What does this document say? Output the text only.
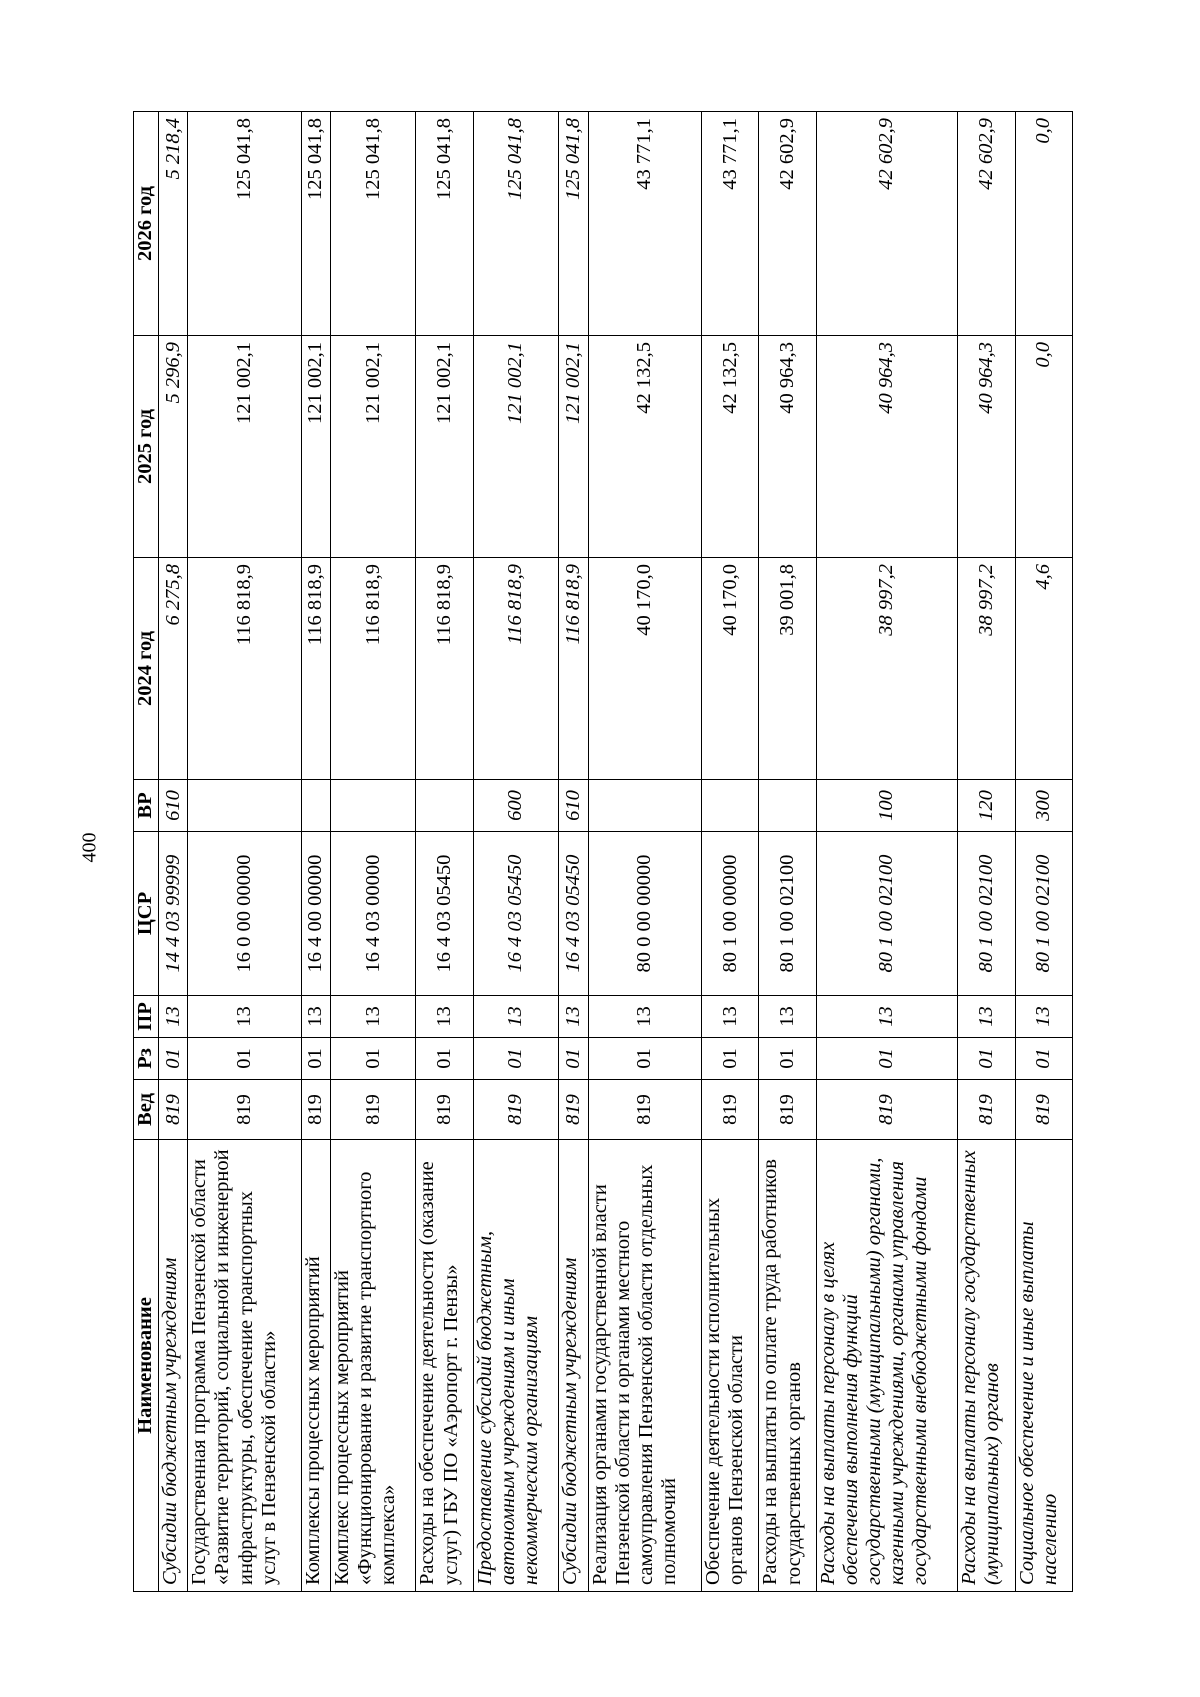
400
Наименование	Вед	Рз	ПР	ЦСР	ВР	2024 год	2025 год	2026 год
Субсидии бюджетным учреждениям	819	01	13	14 4 03 99999	610	6 275,8	5 296,9	5 218,4
Государственная программа Пензенской области «Развитие территорий, социальной и инженерной инфраструктуры, обеспечение транспортных услуг в Пензенской области»	819	01	13	16 0 00 00000		116 818,9	121 002,1	125 041,8
Комплексы процессных мероприятий	819	01	13	16 4 00 00000		116 818,9	121 002,1	125 041,8
Комплекс процессных мероприятий «Функционирование и развитие транспортного комплекса»	819	01	13	16 4 03 00000		116 818,9	121 002,1	125 041,8
Расходы на обеспечение деятельности (оказание услуг) ГБУ ПО «Аэропорт г. Пензы»	819	01	13	16 4 03 05450		116 818,9	121 002,1	125 041,8
Предоставление субсидий бюджетным, автономным учреждениям и иным некоммерческим организациям	819	01	13	16 4 03 05450	600	116 818,9	121 002,1	125 041,8
Субсидии бюджетным учреждениям	819	01	13	16 4 03 05450	610	116 818,9	121 002,1	125 041,8
Реализация органами государственной власти Пензенской области и органами местного самоуправления Пензенской области отдельных полномочий	819	01	13	80 0 00 00000		40 170,0	42 132,5	43 771,1
Обеспечение деятельности исполнительных органов Пензенской области	819	01	13	80 1 00 00000		40 170,0	42 132,5	43 771,1
Расходы на выплаты по оплате труда работников государственных органов	819	01	13	80 1 00 02100		39 001,8	40 964,3	42 602,9
Расходы на выплаты персоналу в целях обеспечения выполнения функций государственными (муниципальными) органами, казенными учреждениями, органами управления государственными внебюджетными фондами	819	01	13	80 1 00 02100	100	38 997,2	40 964,3	42 602,9
Расходы на выплаты персоналу государственных (муниципальных) органов	819	01	13	80 1 00 02100	120	38 997,2	40 964,3	42 602,9
Социальное обеспечение и иные выплаты населению	819	01	13	80 1 00 02100	300	4,6	0,0	0,0
